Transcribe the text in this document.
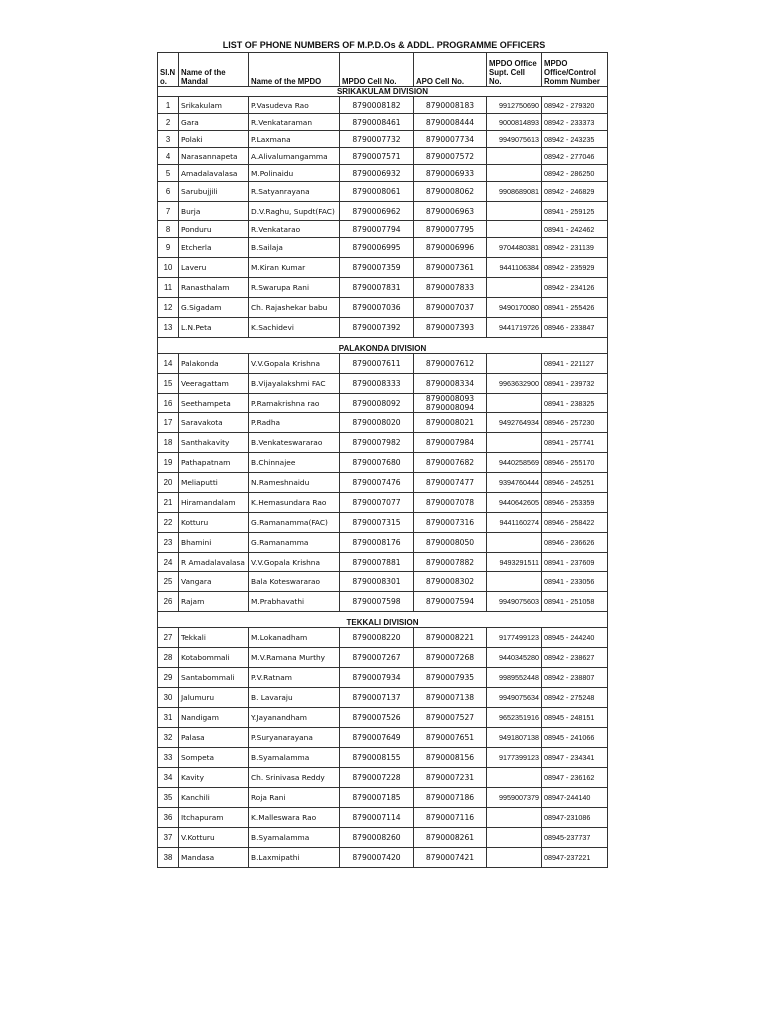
LIST OF PHONE NUMBERS OF M.P.D.Os & ADDL. PROGRAMME OFFICERS
Sl.N o.	Name of the Mandal	Name of the MPDO	MPDO Cell No.	APO Cell No.	MPDO Office Supt. Cell No.	MPDO Office/Control Romm Number
SRIKAKULAM DIVISION						
1	Srikakulam	P.Vasudeva Rao	8790008182	8790008183	9912750690	08942 - 279320
2	Gara	R.Venkataraman	8790008461	8790008444	9000814893	08942 - 233373
3	Polaki	P.Laxmana	8790007732	8790007734	9949075613	08942 - 243235
4	Narasannapeta	A.Alivalumangamma	8790007571	8790007572		08942 - 277046
5	Amadalavalasa	M.Polinaidu	8790006932	8790006933		08942 - 286250
6	Sarubujjili	R.Satyanrayana	8790008061	8790008062	9908689081	08942 - 246829
7	Burja	D.V.Raghu, Supdt(FAC)	8790006962	8790006963		08941 - 259125
8	Ponduru	R.Venkatarao	8790007794	8790007795		08941 - 242462
9	Etcherla	B.Sailaja	8790006995	8790006996	9704480381	08942 - 231139
10	Laveru	M.Kiran Kumar	8790007359	8790007361	9441106384	08942 - 235929
11	Ranasthalam	R.Swarupa Rani	8790007831	8790007833		08942 - 234126
12	G.Sigadam	Ch. Rajashekar babu	8790007036	8790007037	9490170080	08941 - 255426
13	L.N.Peta	K.Sachidevi	8790007392	8790007393	9441719726	08946 - 233847
PALAKONDA DIVISION						
14	Palakonda	V.V.Gopala Krishna	8790007611	8790007612		08941 - 221127
15	Veeragattam	B.Vijayalakshmi FAC	8790008333	8790008334	9963632900	08941 - 239732
16	Seethampeta	P.Ramakrishna rao	8790008092	8790008093 8790008094		08941 - 238325
17	Saravakota	P.Radha	8790008020	8790008021	9492764934	08946 - 257230
18	Santhakavity	B.Venkateswararao	8790007982	8790007984		08941 - 257741
19	Pathapatnam	B.Chinnajee	8790007680	8790007682	9440258569	08946 - 255170
20	Meliaputti	N.Rameshnaidu	8790007476	8790007477	9394760444	08946 - 245251
21	Hiramandalam	K.Hemasundara Rao	8790007077	8790007078	9440642605	08946 - 253359
22	Kotturu	G.Ramanamma(FAC)	8790007315	8790007316	9441160274	08946 - 258422
23	Bhamini	G.Ramanamma	8790008176	8790008050		08946 - 236626
24	R Amadalavalasa	V.V.Gopala Krishna	8790007881	8790007882	9493291511	08941 - 237609
25	Vangara	Bala Koteswararao	8790008301	8790008302		08941 - 233056
26	Rajam	M.Prabhavathi	8790007598	8790007594	9949075603	08941 - 251058
TEKKALI DIVISION						
27	Tekkali	M.Lokanadham	8790008220	8790008221	9177499123	08945 - 244240
28	Kotabommali	M.V.Ramana Murthy	8790007267	8790007268	9440345280	08942 - 238627
29	Santabommali	P.V.Ratnam	8790007934	8790007935	9989552448	08942 - 238807
30	Jalumuru	B. Lavaraju	8790007137	8790007138	9949075634	08942 - 275248
31	Nandigam	Y.Jayanandham	8790007526	8790007527	9652351916	08945 - 248151
32	Palasa	P.Suryanarayana	8790007649	8790007651	9491807138	08945 - 241066
33	Sompeta	B.Syamalamma	8790008155	8790008156	9177399123	08947 - 234341
34	Kavity	Ch. Srinivasa Reddy	8790007228	8790007231		08947 - 236162
35	Kanchili	Roja Rani	8790007185	8790007186	9959007379	08947-244140
36	Itchapuram	K.Malleswara Rao	8790007114	8790007116		08947-231086
37	V.Kotturu	B.Syamalamma	8790008260	8790008261		08945-237737
38	Mandasa	B.Laxmipathi	8790007420	8790007421		08947-237221
